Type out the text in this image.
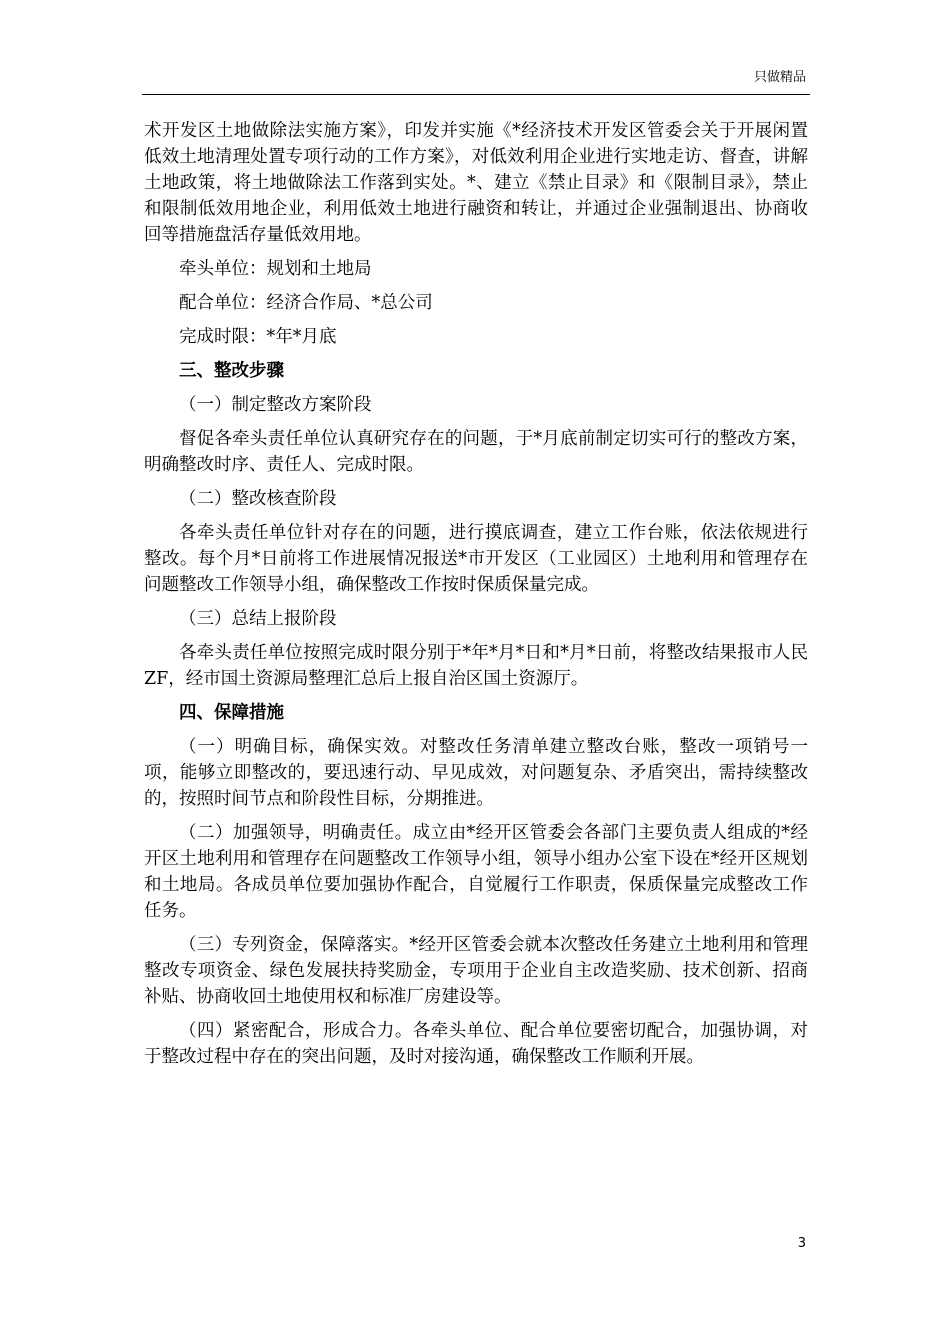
只做精品

术开发区土地做除法实施方案》，印发并实施《*经济技术开发区管委会关于开展闲置低效土地清理处置专项行动的工作方案》，对低效利用企业进行实地走访、督查，讲解土地政策，将土地做除法工作落到实处。*、建立《禁止目录》和《限制目录》，禁止和限制低效用地企业，利用低效土地进行融资和转让，并通过企业强制退出、协商收回等措施盘活存量低效用地。

牵头单位：规划和土地局

配合单位：经济合作局、*总公司

完成时限：*年*月底

三、整改步骤

（一）制定整改方案阶段

督促各牵头责任单位认真研究存在的问题，于*月底前制定切实可行的整改方案，明确整改时序、责任人、完成时限。

（二）整改核查阶段

各牵头责任单位针对存在的问题，进行摸底调查，建立工作台账，依法依规进行整改。每个月*日前将工作进展情况报送*市开发区（工业园区）土地利用和管理存在问题整改工作领导小组，确保整改工作按时保质保量完成。

（三）总结上报阶段

各牵头责任单位按照完成时限分别于*年*月*日和*月*日前，将整改结果报市人民ZF，经市国土资源局整理汇总后上报自治区国土资源厅。

四、保障措施

（一）明确目标，确保实效。对整改任务清单建立整改台账，整改一项销号一项，能够立即整改的，要迅速行动、早见成效，对问题复杂、矛盾突出，需持续整改的，按照时间节点和阶段性目标，分期推进。

（二）加强领导，明确责任。成立由*经开区管委会各部门主要负责人组成的*经开区土地利用和管理存在问题整改工作领导小组，领导小组办公室下设在*经开区规划和土地局。各成员单位要加强协作配合，自觉履行工作职责，保质保量完成整改工作任务。

（三）专列资金，保障落实。*经开区管委会就本次整改任务建立土地利用和管理整改专项资金、绿色发展扶持奖励金，专项用于企业自主改造奖励、技术创新、招商补贴、协商收回土地使用权和标准厂房建设等。

（四）紧密配合，形成合力。各牵头单位、配合单位要密切配合，加强协调，对于整改过程中存在的突出问题，及时对接沟通，确保整改工作顺利开展。

3
